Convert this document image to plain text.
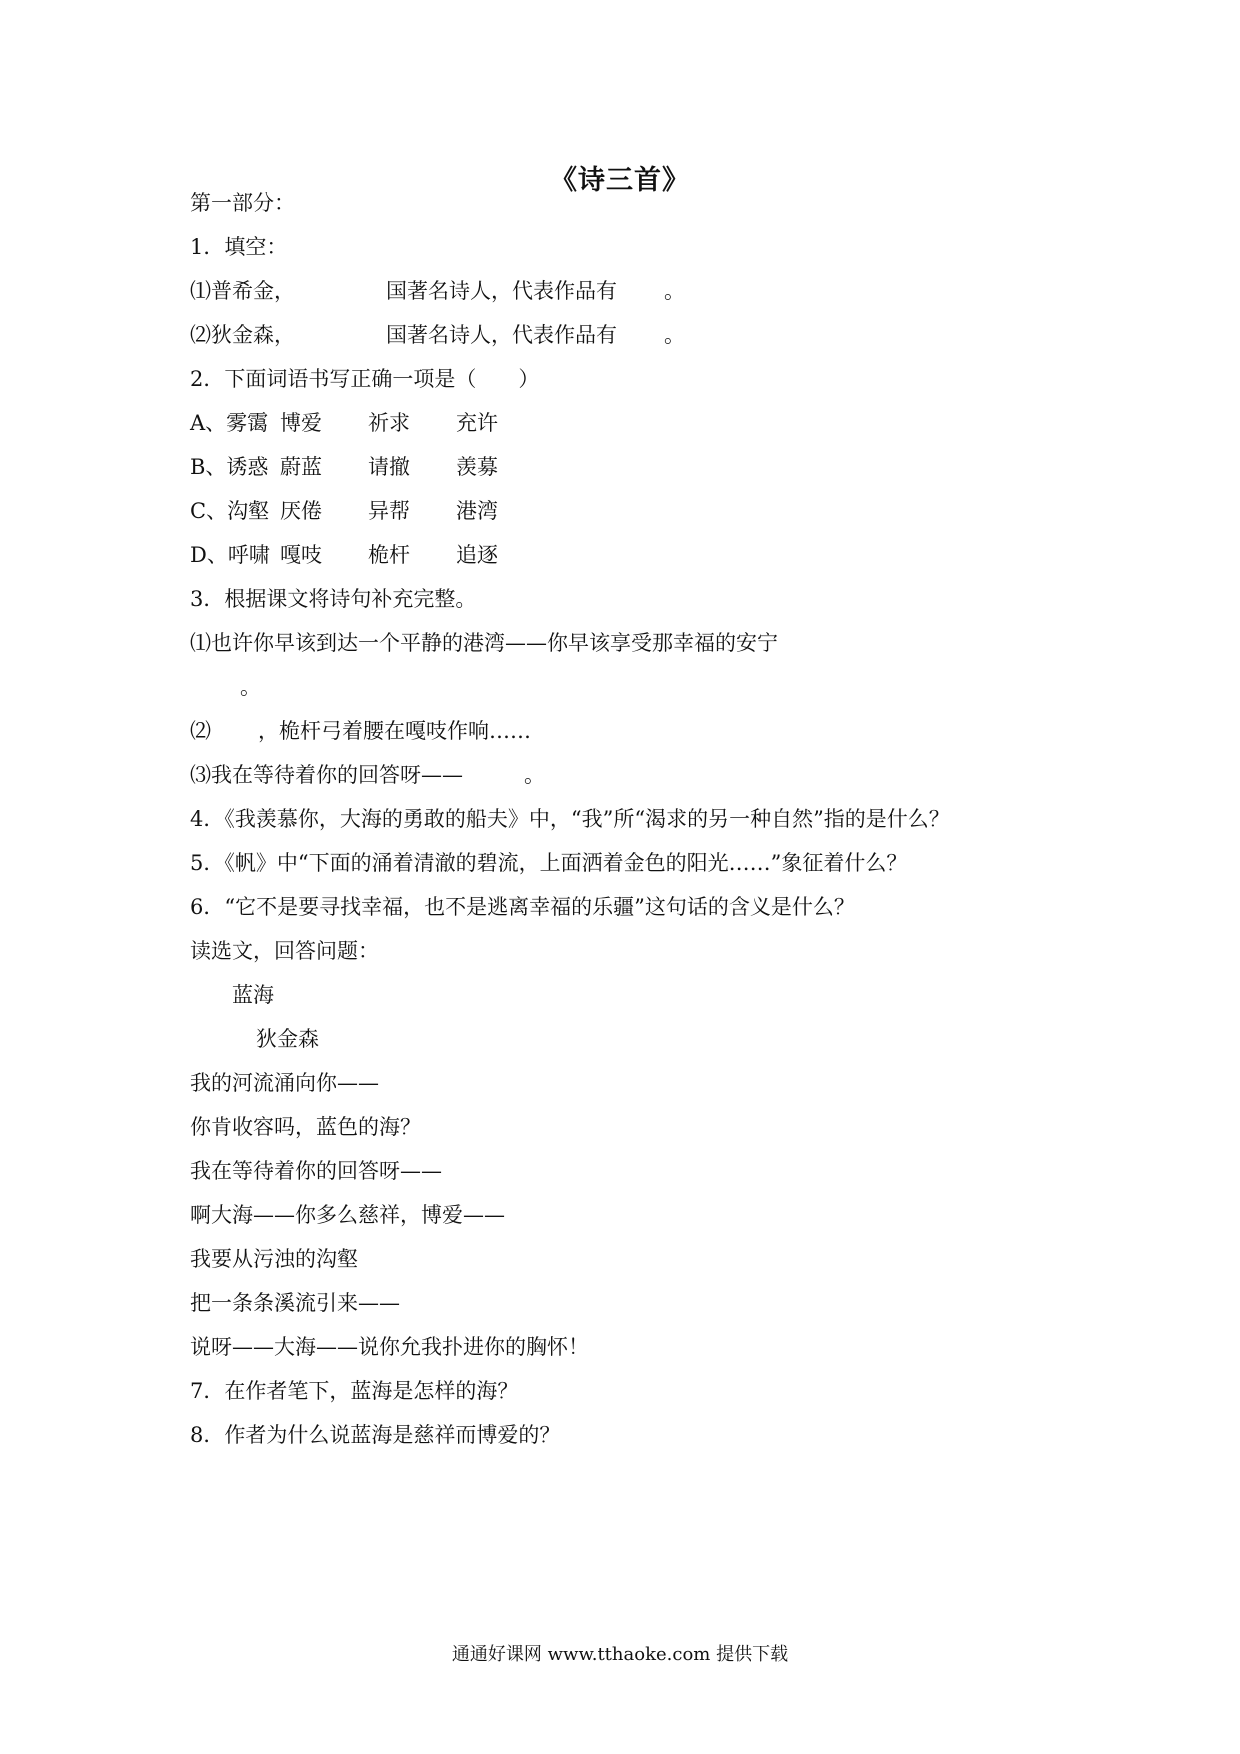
《诗三首》
第一部分：
1．填空：
⑴普希金，	国著名诗人，代表作品有 。
⑵狄金森，	国著名诗人，代表作品有 。
2．下面词语书写正确一项是（　　）
A、雾霭 博爱 祈求 充许
B、诱惑 蔚蓝 请撤 羡募
C、沟壑 厌倦 异帮 港湾
D、呼啸 嘎吱 桅杆 追逐
3．根据课文将诗句补充完整。
⑴也许你早该到达一个平静的港湾——你早该享受那幸福的安宁
。
⑵ ，桅杆弓着腰在嘎吱作响……
⑶我在等待着你的回答呀——	。
4．《我羡慕你，大海的勇敢的船夫》中，“我”所“渴求的另一种自然”指的是什么？
5．《帆》中“下面的涌着清澈的碧流，上面洒着金色的阳光……”象征着什么？
6．“它不是要寻找幸福，也不是逃离幸福的乐疆”这句话的含义是什么？
读选文，回答问题：
蓝海
狄金森
我的河流涌向你——
你肯收容吗，蓝色的海？
我在等待着你的回答呀——
啊大海——你多么慈祥，博爱——
我要从污浊的沟壑
把一条条溪流引来——
说呀——大海——说你允我扑进你的胸怀！
7．在作者笔下，蓝海是怎样的海？
8．作者为什么说蓝海是慈祥而博爱的？
通通好课网 www.tthaoke.com 提供下载
